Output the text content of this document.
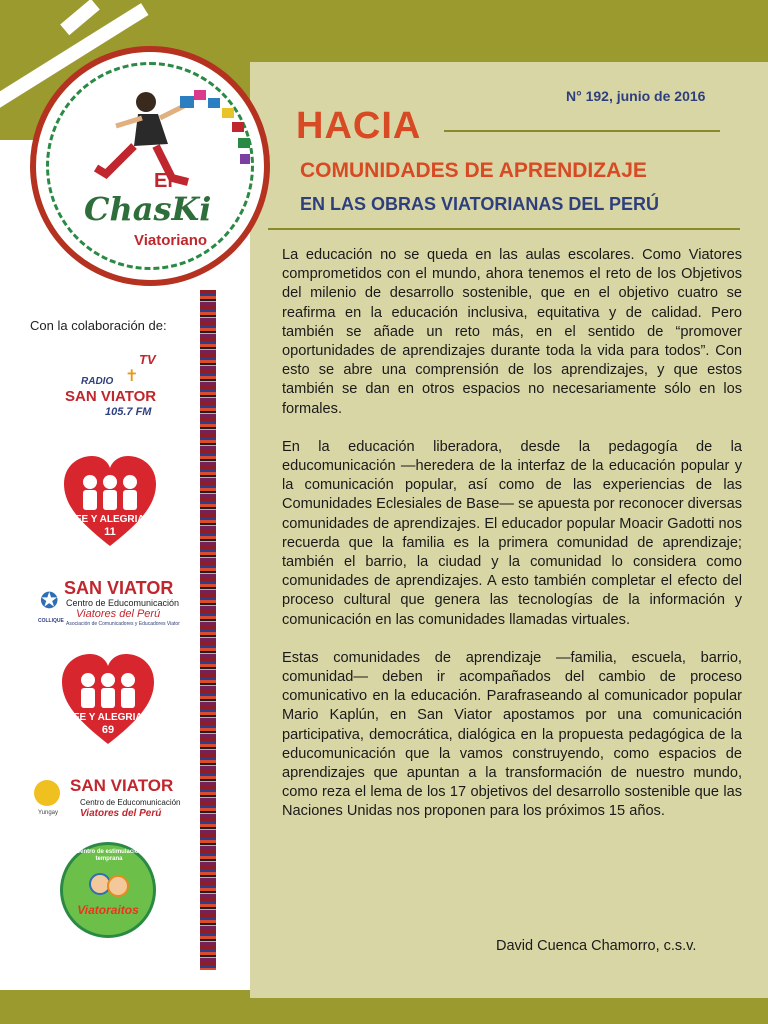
El
ChasKi
Viatoriano
Con la colaboración de:
TV
RADIO ✝
SAN VIATOR
105.7 FM
FE Y ALEGRIA
11
✪ SAN VIATOR
Centro de Educomunicación
Viatores del Perú
Asociación de Comunicadores y Educadores Viator
COLLIQUE
FE Y ALEGRIA
69
Yungay
SAN VIATOR
Centro de Educomunicación
Viatores del Perú
Centro de estimulación temprana
Viatoraitos
N° 192, junio de 2016
HACIA
COMUNIDADES DE APRENDIZAJE
EN LAS OBRAS VIATORIANAS DEL PERÚ

La educación no se queda en las aulas escolares. Como Viatores comprometidos con el mundo, ahora tenemos el reto de los Objetivos del milenio de desarrollo sostenible, que en el objetivo cuatro se reafirma en la educación inclusiva, equitativa y de calidad. Pero también se añade un reto más, en el sentido de “promover oportunidades de aprendizajes durante toda la vida para todos”. Con esto se abre una comprensión de los aprendizajes, y que estos también se dan en otros espacios no necesariamente sólo en los formales.

En la educación liberadora, desde la pedagogía de la educomunicación —heredera de la interfaz de la educación popular y la comunicación popular, así como de las experiencias de las Comunidades Eclesiales de Base— se apuesta por reconocer diversas comunidades de aprendizajes. El educador popular Moacir Gadotti nos recuerda que la familia es la primera comunidad de aprendizaje; también el barrio, la ciudad y la comunidad lo considera como comunidades de aprendizajes. A esto también completar el efecto del proceso cultural que genera las tecnologías de la información y comunicación en las comunidades llamadas virtuales.

Estas comunidades de aprendizaje —familia, escuela, barrio, comunidad— deben ir acompañados del cambio de proceso comunicativo en la educación. Parafraseando al comunicador popular Mario Kaplún, en San Viator apostamos por una comunicación participativa, democrática, dialógica en la propuesta pedagógica de la educomunicación que la vamos construyendo, como espacios de aprendizajes que apuntan a la transformación de nuestro mundo, como reza el lema de los 17 objetivos del desarrollo sostenible que las Naciones Unidas nos proponen para los próximos 15 años.

David Cuenca Chamorro, c.s.v.
